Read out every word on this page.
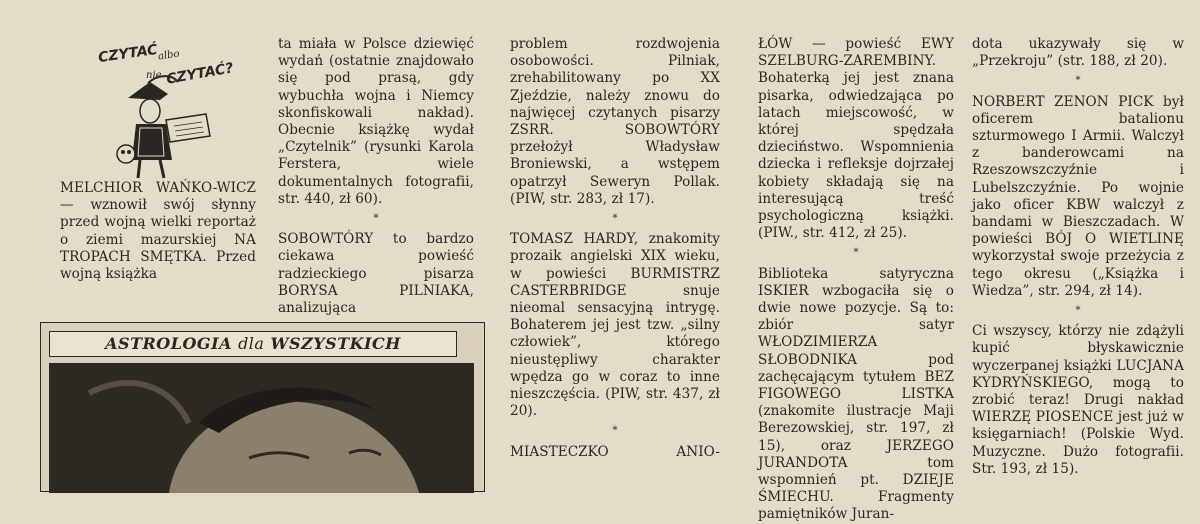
CZYTAĆ
albo
nie CZYTAĆ?

MELCHIOR WAŃKO-WICZ — wznowił swój słynny przed wojną wielki reportaż o ziemi mazurskiej NA TROPACH SMĘTKA. Przed wojną książka

ta miała w Polsce dziewięć wydań (ostatnie znajdowało się pod prasą, gdy wybuchła wojna i Niemcy skonfiskowali nakład). Obecnie książkę wydał „Czytelnik” (rysunki Karola Ferstera, wiele dokumentalnych fotografii, str. 440, zł 60).

*

SOBOWTÓRY to bardzo ciekawa powieść radzieckiego pisarza BORYSA PILNIAKA, analizująca

problem rozdwojenia osobowości. Pilniak, zrehabilitowany po XX Zjeździe, należy znowu do najwięcej czytanych pisarzy ZSRR. SOBOWTÓRY przełożył Władysław Broniewski, a wstępem opatrzył Seweryn Pollak. (PIW, str. 283, zł 17).

*

TOMASZ HARDY, znakomity prozaik angielski XIX wieku, w powieści BURMISTRZ CASTERBRIDGE snuje nieomal sensacyjną intrygę. Bohaterem jej jest tzw. „silny człowiek”, którego nieustępliwy charakter wpędza go w coraz to inne nieszczęścia. (PIW, str. 437, zł 20).

*

MIASTECZKO ANIO-

ŁÓW — powieść EWY SZELBURG-ZAREMBINY. Bohaterką jej jest znana pisarka, odwiedzająca po latach miejscowość, w której spędzała dzieciństwo. Wspomnienia dziecka i refleksje dojrzałej kobiety składają się na interesującą treść psychologiczną książki. (PIW., str. 412, zł 25).

*

Biblioteka satyryczna ISKIER wzbogaciła się o dwie nowe pozycje. Są to: zbiór satyr WŁODZIMIERZA SŁOBODNIKA pod zachęcającym tytułem BEZ FIGOWEGO LISTKA (znakomite ilustracje Maji Berezowskiej, str. 197, zł 15), oraz JERZEGO JURANDOTA tom wspomnień pt. DZIEJE ŚMIECHU. Fragmenty pamiętników Juran-

dota ukazywały się w „Przekroju” (str. 188, zł 20).

*

NORBERT ZENON PICK był oficerem batalionu szturmowego I Armii. Walczył z banderowcami na Rzeszowszczyźnie i Lubelszczyźnie. Po wojnie jako oficer KBW walczył z bandami w Bieszczadach. W powieści BÓJ O WIETLINĘ wykorzystał swoje przeżycia z tego okresu („Książka i Wiedza”, str. 294, zł 14).

*

Ci wszyscy, którzy nie zdążyli kupić błyskawicznie wyczerpanej książki LUCJANA KYDRYŃSKIEGO, mogą to zrobić teraz! Drugi nakład WIERZĘ PIOSENCE jest już w księgarniach! (Polskie Wyd. Muzyczne. Dużo fotografii. Str. 193, zł 15).

ASTROLOGIA dla WSZYSTKICH
